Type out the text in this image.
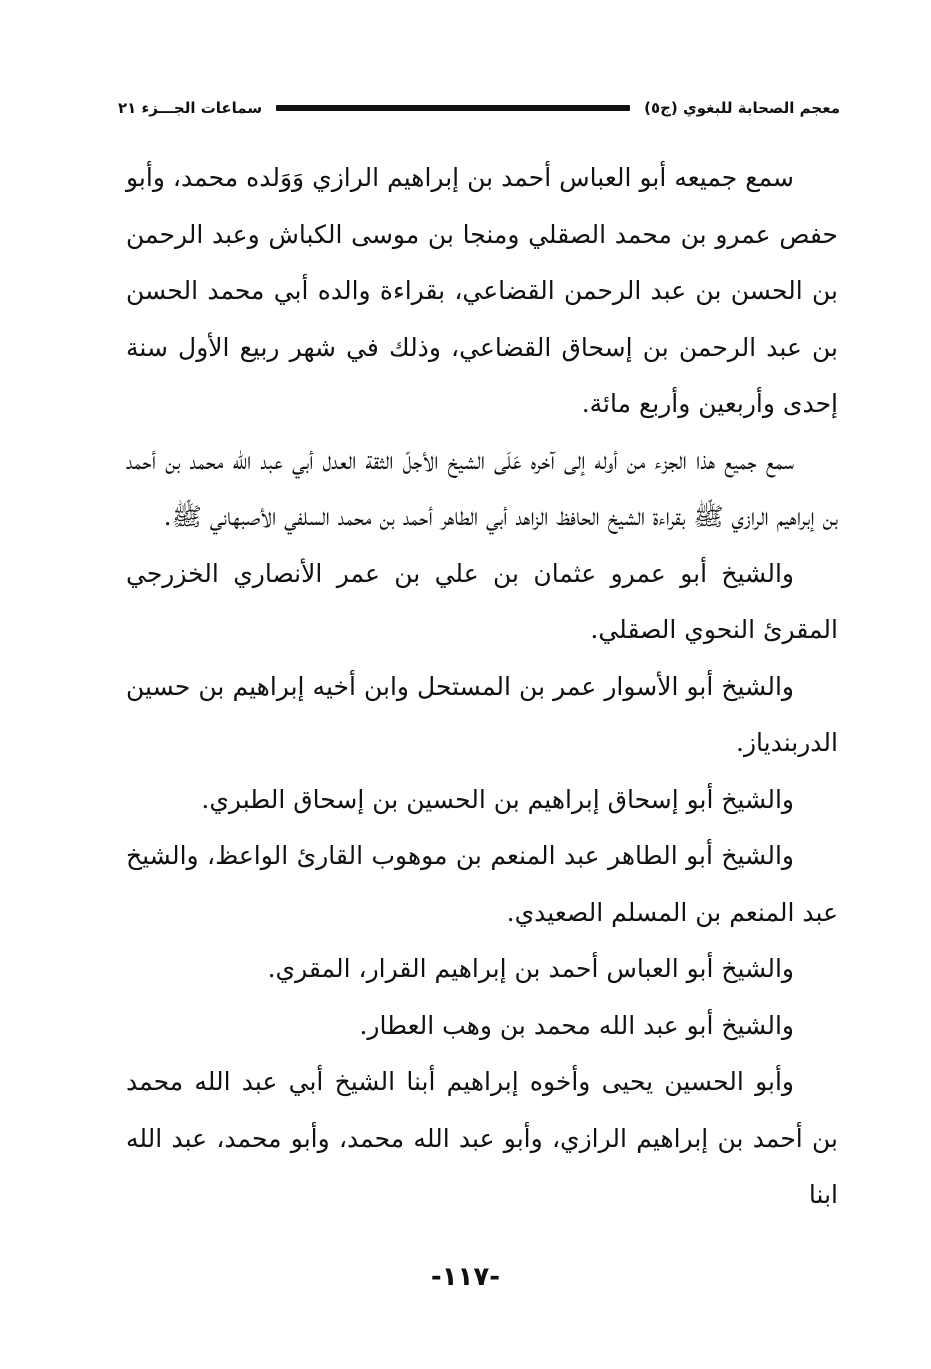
معجم الصحابة للبغوي (ج٥)
سماعات الجـــزء ٢١

سمع جميعه أبو العباس أحمد بن إبراهيم الرازي وَوَلده محمد، وأبو حفص عمرو بن محمد الصقلي ومنجا بن موسى الكباش وعبد الرحمن بن الحسن بن عبد الرحمن القضاعي، بقراءة والده أبي محمد الحسن بن عبد الرحمن بن إسحاق القضاعي، وذلك في شهر ربيع الأول سنة إحدى وأربعين وأربع مائة.

سمع جميع هذا الجزء من أوله إلى آخره عَلَى الشيخ الأجلّ الثقة العدل أبي عبد الله محمد بن أحمد بن إبراهيم الرازي ﷺ بقراءة الشيخ الحافظ الزاهد أبي الطاهر أحمد بن محمد السلفي الأصبهاني ﷺ.

والشيخ أبو عمرو عثمان بن علي بن عمر الأنصاري الخزرجي المقرئ النحوي الصقلي.

والشيخ أبو الأسوار عمر بن المستحل وابن أخيه إبراهيم بن حسين الدربندياز.

والشيخ أبو إسحاق إبراهيم بن الحسين بن إسحاق الطبري.

والشيخ أبو الطاهر عبد المنعم بن موهوب القارئ الواعظ، والشيخ عبد المنعم بن المسلم الصعيدي.

والشيخ أبو العباس أحمد بن إبراهيم القرار، المقري.

والشيخ أبو عبد الله محمد بن وهب العطار.

وأبو الحسين يحيى وأخوه إبراهيم أبنا الشيخ أبي عبد الله محمد بن أحمد بن إبراهيم الرازي، وأبو عبد الله محمد، وأبو محمد، عبد الله ابنا

-١١٧-
